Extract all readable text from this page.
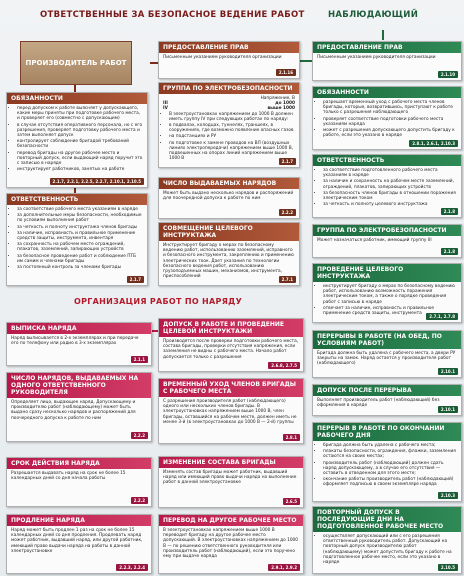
ОТВЕТСТВЕННЫЕ ЗА БЕЗОПАСНОЕ ВЕДЕНИЕ РАБОТ	НАБЛЮДАЮЩИЙ
ОРГАНИЗАЦИЯ РАБОТ ПО НАРЯДУ
ПРОИЗВОДИТЕЛЬ РАБОТ
ОБЯЗАННОСТИ
• перед допуском к работе выясняет у допускающего, какие меры приняты при подготовке рабочего места, и проверяет его (совместно с допускающим)
• в случае отсутствия оперативного персонала, но с его разрешения, проверяет подготовку рабочего места и затем выполняет допуск
• контролирует соблюдение бригадой требований безопасности
• перевод бригады на другое рабочее место и повторный допуск, если выдающий наряд поручит это с записью в наряде
• инструктирует работников, занятых на работе
2.1.7, 2.2.1, 2.2.5, 2.2.7, 2.10.1, 2.10.5
ОТВЕТСТВЕННОСТЬ
• за соответствие рабочего места указаниям в наряде
• за дополнительные меры безопасности, необходимые по условиям выполнения работ
• за четкость и полноту инструктажа членов бригады
• за наличие, исправность и правильное применение средств защиты, инструмента, инвентаря
• за сохранность на рабочем месте ограждений, плакатов, заземлений, запирающих устройств
• за безопасное проведение работ и соблюдение ПТБ им самим и членами бригады
• за постоянный контроль за членами бригады
2.1.7
ПРЕДОСТАВЛЕНИЕ ПРАВ
Письменным указанием руководителя организации
2.1.16
ГРУППА ПО ЭЛЕКТРОБЕЗОПАСНОСТИ
Напряжение, В
III	до 1000
IV	выше 1000
• В электроустановках напряжением до 1000 В должен иметь группу IV при следующих работах по наряду:
• в подвалах, колодцах, туннелях, траншеях, в сооружениях, где возможно появление опасных газов
• на подстанциях и РУ
• по подготовке к замене проводов на ВЛ (воздушных линиях электропередачи) напряжением выше 1000 В, подвешенных на опорах линий напряжением выше 1000 В
2.1.7
ЧИСЛО ВЫДАВАЕМЫХ НАРЯДОВ
Может быть выдано несколько нарядов и распоряжений для поочередной допуска к работе по ним
2.2.2
СОВМЕЩЕНИЕ ЦЕЛЕВОГО ИНСТРУКТАЖА
Инструктирует бригаду о мерах по безопасному ведению работ, использованию заземлений, исправного и безопасного инструмента, закреплению и применению электрических тоок. Дает указания по технологии безопасного ведения работ, использованию грузоподъемных машин, механизмов, инструмента, приспособлений
2.7.1
ВЫПИСКА НАРЯДА
Наряд выписывается в 2-х экземплярах и при передаче его по телефону или радио в 3-х экземплярах
2.1.1
ЧИСЛО НАРЯДОВ, ВЫДАВАЕМЫХ НА ОДНОГО ОТВЕТСТВЕННОГО РУКОВОДИТЕЛЯ
Определяет лицо, выдающее наряд. Допускающему и производителю работ (наблюдающему) может быть выдано сразу несколько нарядов и распоряжений для поочередного допуска к работе по ним
2.2.2
СРОК ДЕЙСТВИЯ НАРЯДА
Разрешается выдавать наряд на срок не более 15 календарных дней со дня начала работы
2.2.2
ПРОДЛЕНИЕ НАРЯДА
Наряд может быть продлен 1 раз на срок не более 15 календарных дней со дня продления. Продлевать наряд может работник, выдавший наряд, или другой работник, имеющий право выдачи наряда на работы в данной электроустановке
2.2.3, 2.2.4
ДОПУСК В РАБОТЕ И ПРОВЕДЕНИЕ ЦЕЛЕВОЙ ИНСТРУКТАЖИ
Производятся после проверки подготовки рабочего места, состава бригады, проверки отсутствия напряжения, если заземления не видны с рабочего места. Начало работ допускается только с разрешения
2.6.8, 2.7.5
ВРЕМЕННЫЙ УХОД ЧЛЕНОВ БРИГАДЫ С РАБОЧЕГО МЕСТА
С разрешения производителя работ (наблюдающего) одного или нескольких членов бригады. В электроустановках напряжением выше 1000 В, член бригады, оставшийся на рабочем месте, должен иметь не менее 3-й (в электроустановках до 1000 В — 2-й) группы
2.8.1
ИЗМЕНЕНИЕ СОСТАВА БРИГАДЫ
Изменять состав бригады может работник, выдавший наряд или имеющий право выдачи наряда на выполнение работ в данной электроустановке
2.6.5
ПЕРЕВОД НА ДРУГОЕ РАБОЧЕЕ МЕСТО
В электроустановках напряжением выше 1000 В переводит бригаду на другое рабочее место допускающий. В электроустановках напряжением до 1000 В — по решению ответственного руководителя или производитель работ (наблюдающий), если это поручено ему при выдаче наряда
2.9.1, 2.9.2
ПРЕДОСТАВЛЕНИЕ ПРАВ
Письменным указанием руководителя организации
2.1.10
ОБЯЗАННОСТИ
• разрешает временный уход с рабочего места членов бригады, которые, возвратившись, приступают к работе только с разрешения наблюдающего
• проверяет соответствие подготовки рабочего места указаниям наряда
• может с разрешения допускающего допустить бригаду к работе, если это указано в наряде
2.8.1, 2.6.1, 2.10.3
ОТВЕТСТВЕННОСТЬ
• за соответствие подготовленного рабочего места указаниям в наряде
• за наличие и сохранность на рабочем месте заземлений, ограждений, плакатов, запирающих устройств
• за безопасность членов бригады в отношении поражения электрическим током
• за четкость и полноту целевого инструктажа
2.1.8
ГРУППА ПО ЭЛЕКТРОБЕЗОПАСНОСТИ
Может назначаться работник, имеющий группу III
2.1.8
ПРОВЕДЕНИЕ ЦЕЛЕВОГО ИНСТРУКТАЖА
• инструктирует бригаду о мерах по безопасному ведению работ, использованию возможность поражения электрическим током, а также о порядке проведения работ с записью в наряде
• отвечает за наличие, исправность и правильное применение средств защиты, инструмента
2.7.1, 2.7.8
ПЕРЕРЫВЫ В РАБОТЕ (НА ОБЕД, ПО УСЛОВИЯМ РАБОТ)
Бригада должна быть удалена с рабочего места, а двери РУ закрыты на замок. Наряд остается у производителя работ (наблюдающего)
2.10.1
ДОПУСК ПОСЛЕ ПЕРЕРЫВА
Выполняет производитель работ (наблюдающий) без оформления в наряде
2.10.1
ПЕРЕРЫВ В РАБОТЕ ПО ОКОНЧАНИИ РАБОЧЕГО ДНЯ
• бригада должна быть удалена с рабочего места;
• плакаты безопасности, ограждения, флажки, заземления остаются на своих местах;
• производитель работ (наблюдающий) должен сдать наряд допускающему, а в случае его отсутствия — оставить в отведенном для этого месте;
• окончание работы производитель работ (наблюдающий) оформляет подписью в своем экземпляре наряда
2.10.3
ПОВТОРНЫЙ ДОПУСК В ПОСЛЕДУЮЩИЕ ДНИ НА ПОДГОТОВЛЕННОЕ РАБОЧЕЕ МЕСТО
• осуществляет допускающий или с его разрешения ответственный руководитель работ. Допускающий на повторный допуск производителю работ (наблюдающему) может допустить бригаду к работе на подготовленное рабочее место, если это указано в наряде
2.10.5
